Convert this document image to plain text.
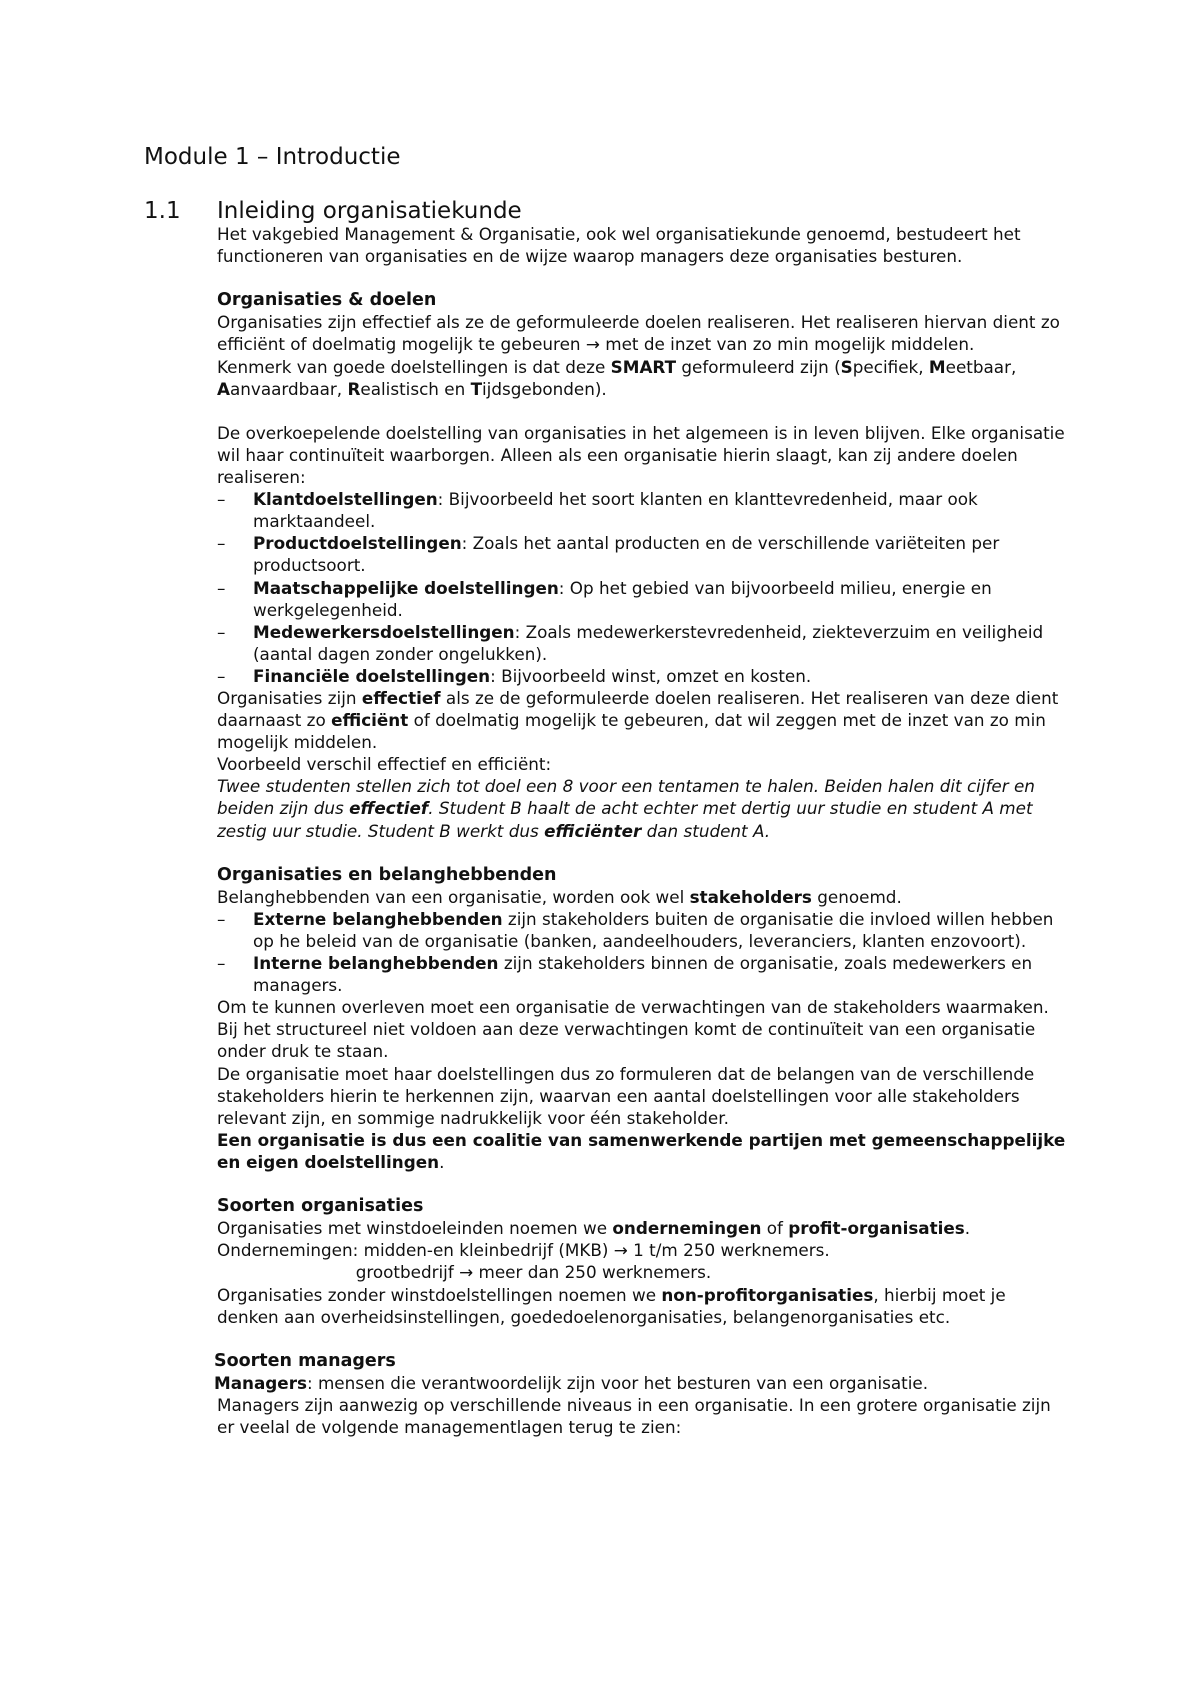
Module 1 – Introductie
1.1 Inleiding organisatiekunde

Het vakgebied Management & Organisatie, ook wel organisatiekunde genoemd, bestudeert het functioneren van organisaties en de wijze waarop managers deze organisaties besturen.

Organisaties & doelen

Organisaties zijn effectief als ze de geformuleerde doelen realiseren. Het realiseren hiervan dient zo efficiënt of doelmatig mogelijk te gebeuren → met de inzet van zo min mogelijk middelen.

Kenmerk van goede doelstellingen is dat deze SMART geformuleerd zijn (Specifiek, Meetbaar, Aanvaardbaar, Realistisch en Tijdsgebonden).

De overkoepelende doelstelling van organisaties in het algemeen is in leven blijven. Elke organisatie wil haar continuïteit waarborgen. Alleen als een organisatie hierin slaagt, kan zij andere doelen realiseren:

– Klantdoelstellingen: Bijvoorbeeld het soort klanten en klanttevredenheid, maar ook marktaandeel.
– Productdoelstellingen: Zoals het aantal producten en de verschillende variëteiten per productsoort.
– Maatschappelijke doelstellingen: Op het gebied van bijvoorbeeld milieu, energie en werkgelegenheid.
– Medewerkersdoelstellingen: Zoals medewerkerstevredenheid, ziekteverzuim en veiligheid (aantal dagen zonder ongelukken).
– Financiële doelstellingen: Bijvoorbeeld winst, omzet en kosten.

Organisaties zijn effectief als ze de geformuleerde doelen realiseren. Het realiseren van deze dient daarnaast zo efficiënt of doelmatig mogelijk te gebeuren, dat wil zeggen met de inzet van zo min mogelijk middelen.

Voorbeeld verschil effectief en efficiënt:

Twee studenten stellen zich tot doel een 8 voor een tentamen te halen. Beiden halen dit cijfer en beiden zijn dus effectief. Student B haalt de acht echter met dertig uur studie en student A met zestig uur studie. Student B werkt dus efficiënter dan student A.

Organisaties en belanghebbenden

Belanghebbenden van een organisatie, worden ook wel stakeholders genoemd.

– Externe belanghebbenden zijn stakeholders buiten de organisatie die invloed willen hebben op he beleid van de organisatie (banken, aandeelhouders, leveranciers, klanten enzovoort).
– Interne belanghebbenden zijn stakeholders binnen de organisatie, zoals medewerkers en managers.

Om te kunnen overleven moet een organisatie de verwachtingen van de stakeholders waarmaken. Bij het structureel niet voldoen aan deze verwachtingen komt de continuïteit van een organisatie onder druk te staan.

De organisatie moet haar doelstellingen dus zo formuleren dat de belangen van de verschillende stakeholders hierin te herkennen zijn, waarvan een aantal doelstellingen voor alle stakeholders relevant zijn, en sommige nadrukkelijk voor één stakeholder.

Een organisatie is dus een coalitie van samenwerkende partijen met gemeenschappelijke en eigen doelstellingen.

Soorten organisaties

Organisaties met winstdoeleinden noemen we ondernemingen of profit-organisaties.

Ondernemingen: midden-en kleinbedrijf (MKB) → 1 t/m 250 werknemers.

grootbedrijf → meer dan 250 werknemers.

Organisaties zonder winstdoelstellingen noemen we non-profitorganisaties, hierbij moet je denken aan overheidsinstellingen, goededoelenorganisaties, belangenorganisaties etc.

Soorten managers

Managers: mensen die verantwoordelijk zijn voor het besturen van een organisatie.

Managers zijn aanwezig op verschillende niveaus in een organisatie. In een grotere organisatie zijn er veelal de volgende managementlagen terug te zien:
